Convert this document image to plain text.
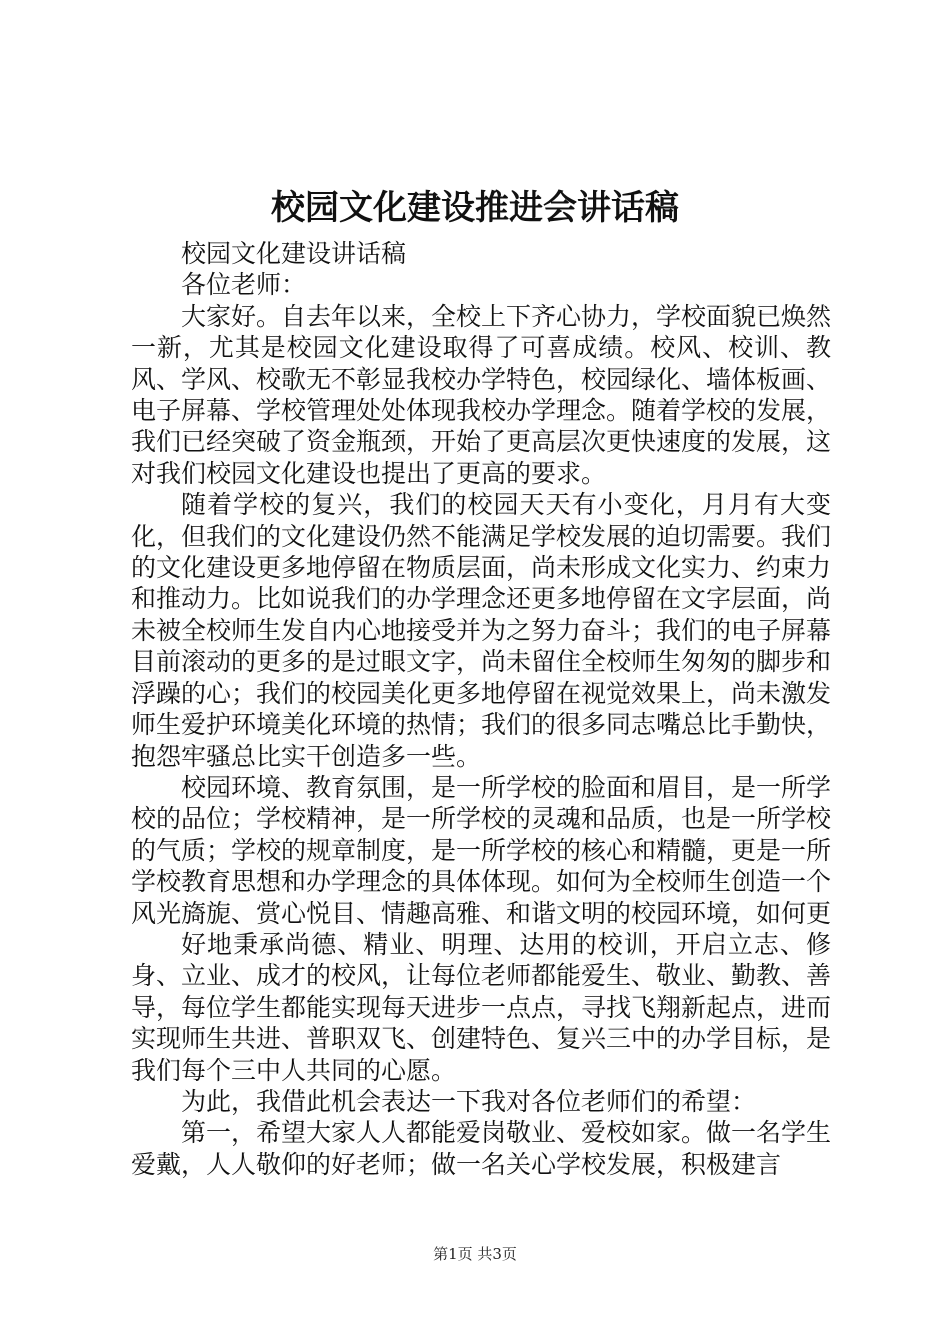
校园文化建设推进会讲话稿

校园文化建设讲话稿

各位老师：

大家好。自去年以来，全校上下齐心协力，学校面貌已焕然一新，尤其是校园文化建设取得了可喜成绩。校风、校训、教风、学风、校歌无不彰显我校办学特色，校园绿化、墙体板画、电子屏幕、学校管理处处体现我校办学理念。随着学校的发展，我们已经突破了资金瓶颈，开始了更高层次更快速度的发展，这对我们校园文化建设也提出了更高的要求。

随着学校的复兴，我们的校园天天有小变化，月月有大变化，但我们的文化建设仍然不能满足学校发展的迫切需要。我们的文化建设更多地停留在物质层面，尚未形成文化实力、约束力和推动力。比如说我们的办学理念还更多地停留在文字层面，尚未被全校师生发自内心地接受并为之努力奋斗；我们的电子屏幕目前滚动的更多的是过眼文字，尚未留住全校师生匆匆的脚步和浮躁的心；我们的校园美化更多地停留在视觉效果上，尚未激发师生爱护环境美化环境的热情；我们的很多同志嘴总比手勤快，抱怨牢骚总比实干创造多一些。

校园环境、教育氛围，是一所学校的脸面和眉目，是一所学校的品位；学校精神，是一所学校的灵魂和品质，也是一所学校的气质；学校的规章制度，是一所学校的核心和精髓，更是一所学校教育思想和办学理念的具体体现。如何为全校师生创造一个风光旖旎、赏心悦目、情趣高雅、和谐文明的校园环境，如何更

好地秉承尚德、精业、明理、达用的校训，开启立志、修身、立业、成才的校风，让每位老师都能爱生、敬业、勤教、善导，每位学生都能实现每天进步一点点，寻找飞翔新起点，进而实现师生共进、普职双飞、创建特色、复兴三中的办学目标，是我们每个三中人共同的心愿。

为此，我借此机会表达一下我对各位老师们的希望：

第一，希望大家人人都能爱岗敬业、爱校如家。做一名学生爱戴，人人敬仰的好老师；做一名关心学校发展，积极建言

第1页 共3页
